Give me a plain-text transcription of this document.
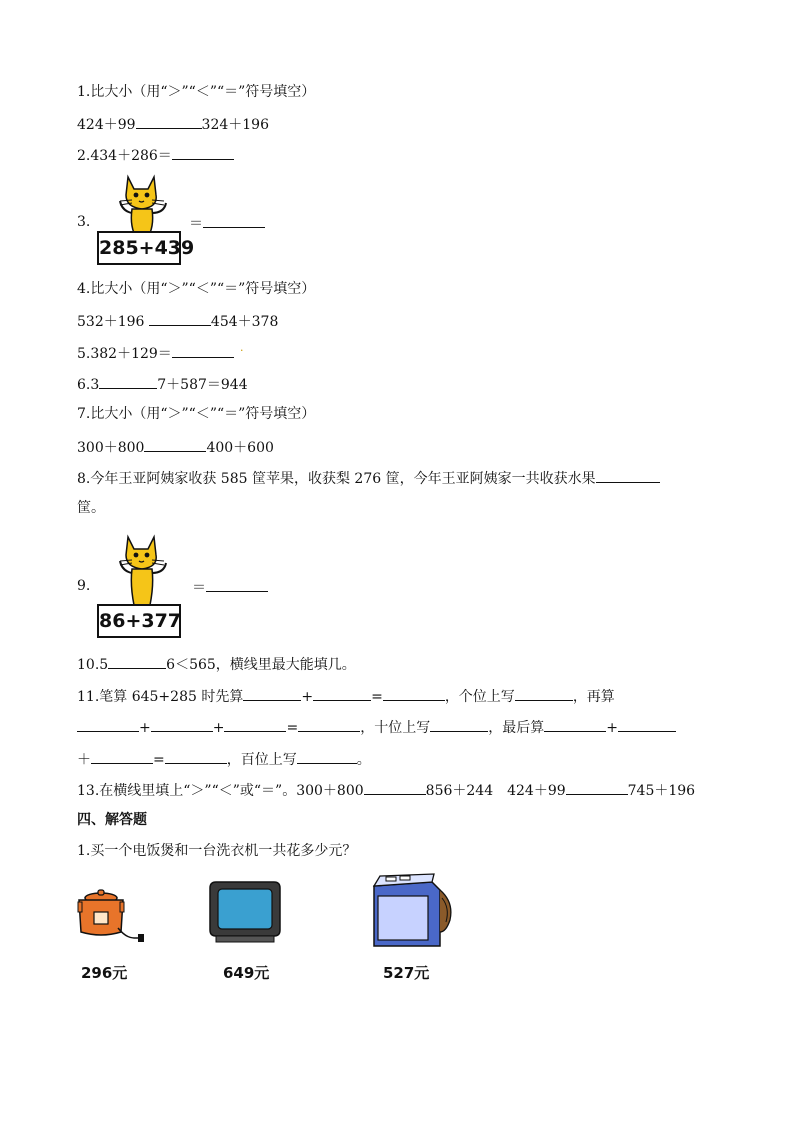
1.比大小（用“＞”“＜”“＝”符号填空）
424＋99	324＋196
2.434＋286＝
3.
285+439
＝
4.比大小（用“＞”“＜”“＝”符号填空）
532＋196	454＋378
5.382＋129＝	·
6.3	7＋587＝944
7.比大小（用“＞”“＜”“＝”符号填空）
300＋800	400＋600
8.今年王亚阿姨家收获 585 筐苹果，收获梨 276 筐，今年王亚阿姨家一共收获水果
筐。
9.
86+377
＝
10.5	6＜565，横线里最大能填几。
11.笔算 645+285 时先算	+	=	，个位上写	，再算
+	+	=	，十位上写	，最后算	+
＋	=	，百位上写	。
13.在横线里填上“＞”“＜”或“＝”。300＋800	856＋244　424＋99	745＋196
四、解答题
1.买一个电饭煲和一台洗衣机一共花多少元？
296元	649元	527元
